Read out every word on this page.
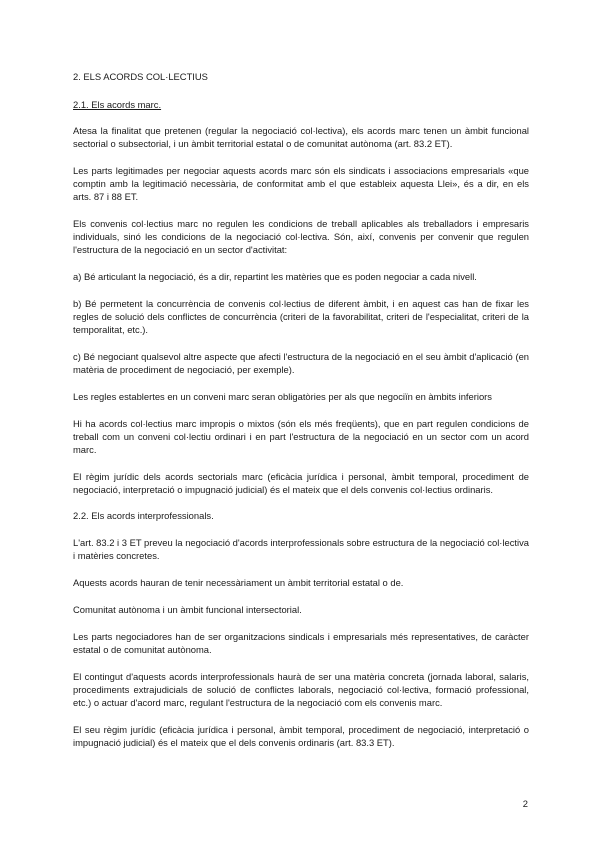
2. ELS ACORDS COL·LECTIUS
2.1. Els acords marc.

Atesa la finalitat que pretenen (regular la negociació col·lectiva), els acords marc tenen un àmbit funcional sectorial o subsectorial, i un àmbit territorial estatal o de comunitat autònoma (art. 83.2 ET).

Les parts legitimades per negociar aquests acords marc són els sindicats i associacions empresarials «que comptin amb la legitimació necessària, de conformitat amb el que estableix aquesta Llei», és a dir, en els arts. 87 i 88 ET.

Els convenis col·lectius marc no regulen les condicions de treball aplicables als treballadors i empresaris individuals, sinó les condicions de la negociació col·lectiva. Són, així, convenis per convenir que regulen l'estructura de la negociació en un sector d'activitat:

a) Bé articulant la negociació, és a dir, repartint les matèries que es poden negociar a cada nivell.

b) Bé permetent la concurrència de convenis col·lectius de diferent àmbit, i en aquest cas han de fixar les regles de solució dels conflictes de concurrència (criteri de la favorabilitat, criteri de l'especialitat, criteri de la temporalitat, etc.).

c) Bé negociant qualsevol altre aspecte que afecti l'estructura de la negociació en el seu àmbit d'aplicació (en matèria de procediment de negociació, per exemple).

Les regles establertes en un conveni marc seran obligatòries per als que negociïn en àmbits inferiors

Hi ha acords col·lectius marc impropis o mixtos (són els més freqüents), que en part regulen condicions de treball com un conveni col·lectiu ordinari i en part l'estructura de la negociació en un sector com un acord marc.

El règim jurídic dels acords sectorials marc (eficàcia jurídica i personal, àmbit temporal, procediment de negociació, interpretació o impugnació judicial) és el mateix que el dels convenis col·lectius ordinaris.

2.2. Els acords interprofessionals.

L'art. 83.2 i 3 ET preveu la negociació d'acords interprofessionals sobre estructura de la negociació col·lectiva i matèries concretes.

Aquests acords hauran de tenir necessàriament un àmbit territorial estatal o de.

Comunitat autònoma i un àmbit funcional intersectorial.

Les parts negociadores han de ser organitzacions sindicals i empresarials més representatives, de caràcter estatal o de comunitat autònoma.

El contingut d'aquests acords interprofessionals haurà de ser una matèria concreta (jornada laboral, salaris, procediments extrajudicials de solució de conflictes laborals, negociació col·lectiva, formació professional, etc.) o actuar d'acord marc, regulant l'estructura de la negociació com els convenis marc.

El seu règim jurídic (eficàcia jurídica i personal, àmbit temporal, procediment de negociació, interpretació o impugnació judicial) és el mateix que el dels convenis ordinaris (art. 83.3 ET).

2
